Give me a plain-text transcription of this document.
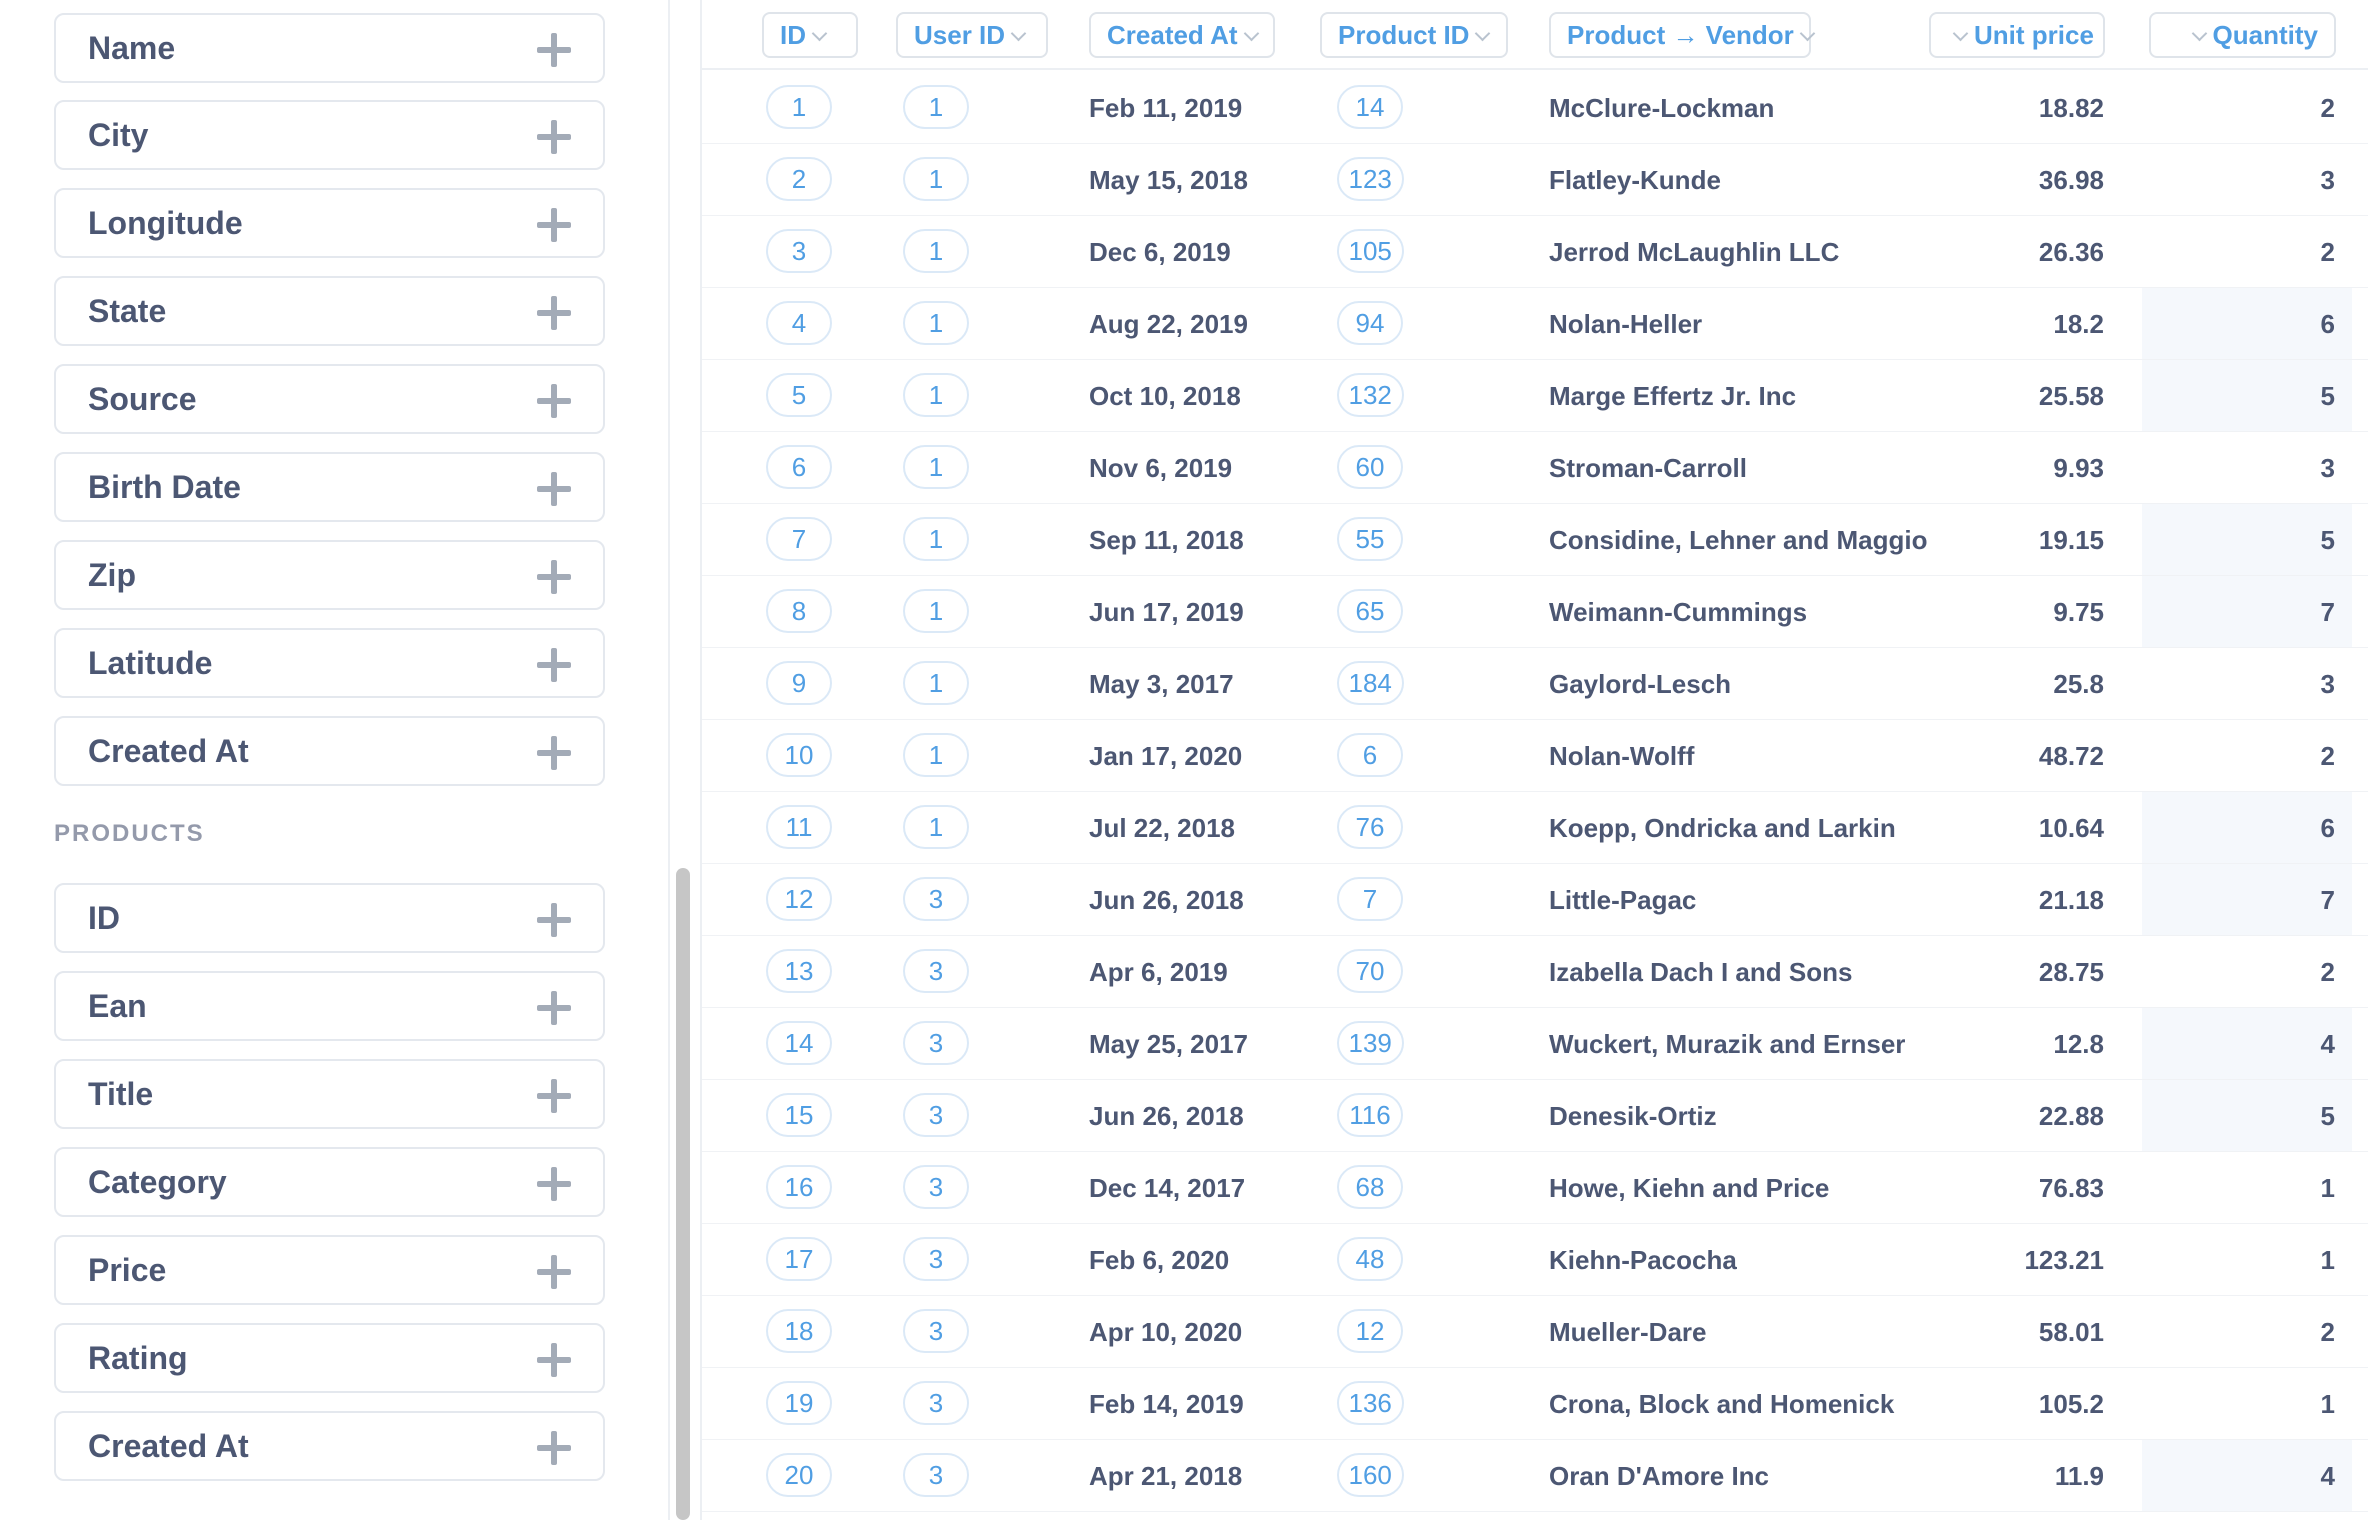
Name
City
Longitude
State
Source
Birth Date
Zip
Latitude
Created At
PRODUCTS
ID
Ean
Title
Category
Price
Rating
Created At
ID	User ID	Created At	Product ID	Product → Vendor	Unit price	Quantity
1	1	Feb 11, 2019	14	McClure-Lockman	18.82	2
2	1	May 15, 2018	123	Flatley-Kunde	36.98	3
3	1	Dec 6, 2019	105	Jerrod McLaughlin LLC	26.36	2
4	1	Aug 22, 2019	94	Nolan-Heller	18.2	6
5	1	Oct 10, 2018	132	Marge Effertz Jr. Inc	25.58	5
6	1	Nov 6, 2019	60	Stroman-Carroll	9.93	3
7	1	Sep 11, 2018	55	Considine, Lehner and Maggio	19.15	5
8	1	Jun 17, 2019	65	Weimann-Cummings	9.75	7
9	1	May 3, 2017	184	Gaylord-Lesch	25.8	3
10	1	Jan 17, 2020	6	Nolan-Wolff	48.72	2
11	1	Jul 22, 2018	76	Koepp, Ondricka and Larkin	10.64	6
12	3	Jun 26, 2018	7	Little-Pagac	21.18	7
13	3	Apr 6, 2019	70	Izabella Dach I and Sons	28.75	2
14	3	May 25, 2017	139	Wuckert, Murazik and Ernser	12.8	4
15	3	Jun 26, 2018	116	Denesik-Ortiz	22.88	5
16	3	Dec 14, 2017	68	Howe, Kiehn and Price	76.83	1
17	3	Feb 6, 2020	48	Kiehn-Pacocha	123.21	1
18	3	Apr 10, 2020	12	Mueller-Dare	58.01	2
19	3	Feb 14, 2019	136	Crona, Block and Homenick	105.2	1
20	3	Apr 21, 2018	160	Oran D'Amore Inc	11.9	4
